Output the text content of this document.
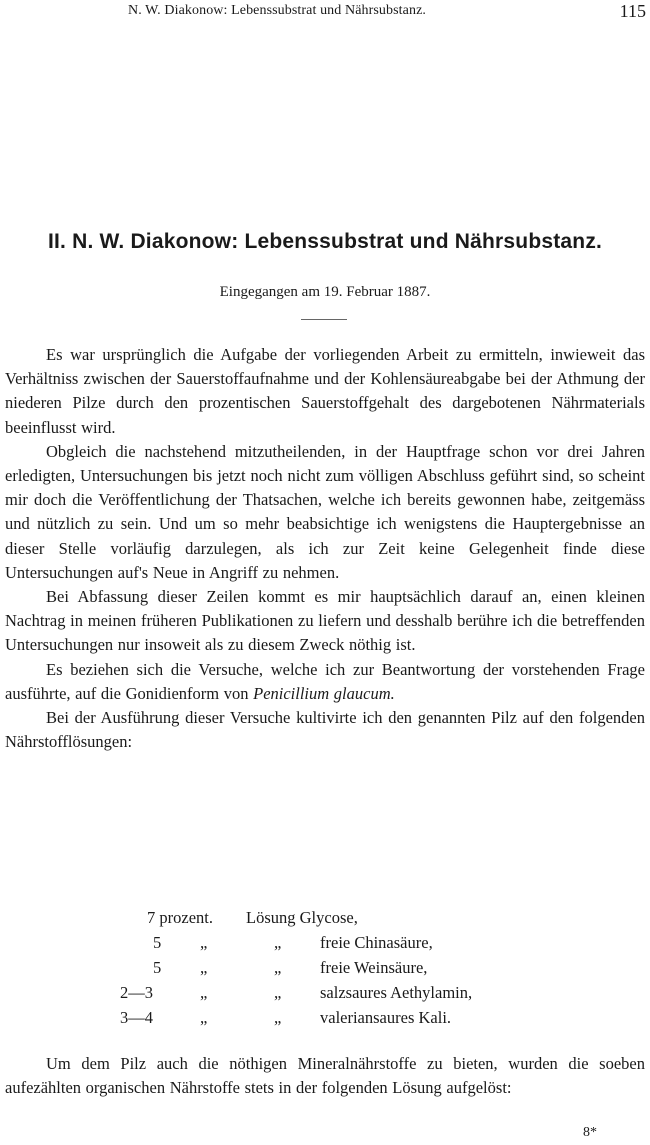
N. W. Diakonow: Lebenssubstrat und Nährsubstanz.	115
II. N. W. Diakonow: Lebenssubstrat und Nährsubstanz.
Eingegangen am 19. Februar 1887.

Es war ursprünglich die Aufgabe der vorliegenden Arbeit zu ermitteln, inwieweit das Verhältniss zwischen der Sauerstoffaufnahme und der Kohlensäureabgabe bei der Athmung der niederen Pilze durch den prozentischen Sauerstoffgehalt des dargebotenen Nährmaterials beeinflusst wird.

Obgleich die nachstehend mitzutheilenden, in der Hauptfrage schon vor drei Jahren erledigten, Untersuchungen bis jetzt noch nicht zum völligen Abschluss geführt sind, so scheint mir doch die Veröffentlichung der Thatsachen, welche ich bereits gewonnen habe, zeitgemäss und nützlich zu sein. Und um so mehr beabsichtige ich wenigstens die Hauptergebnisse an dieser Stelle vorläufig darzulegen, als ich zur Zeit keine Gelegenheit finde diese Untersuchungen auf's Neue in Angriff zu nehmen.

Bei Abfassung dieser Zeilen kommt es mir hauptsächlich darauf an, einen kleinen Nachtrag in meinen früheren Publikationen zu liefern und desshalb berühre ich die betreffenden Untersuchungen nur insoweit als zu diesem Zweck nöthig ist.

Es beziehen sich die Versuche, welche ich zur Beantwortung der vorstehenden Frage ausführte, auf die Gonidienform von Penicillium glaucum.

Bei der Ausführung dieser Versuche kultivirte ich den genannten Pilz auf den folgenden Nährstofflösungen:

7 prozent. Lösung Glycose,
5 „	„ freie Chinasäure,
5 „	„ freie Weinsäure,
2—3	„	„ salzsaures Aethylamin,
3—4	„	„ valeriansaures Kali.

Um dem Pilz auch die nöthigen Mineralnährstoffe zu bieten, wurden die soeben aufezählten organischen Nährstoffe stets in der folgenden Lösung aufgelöst:

8*
